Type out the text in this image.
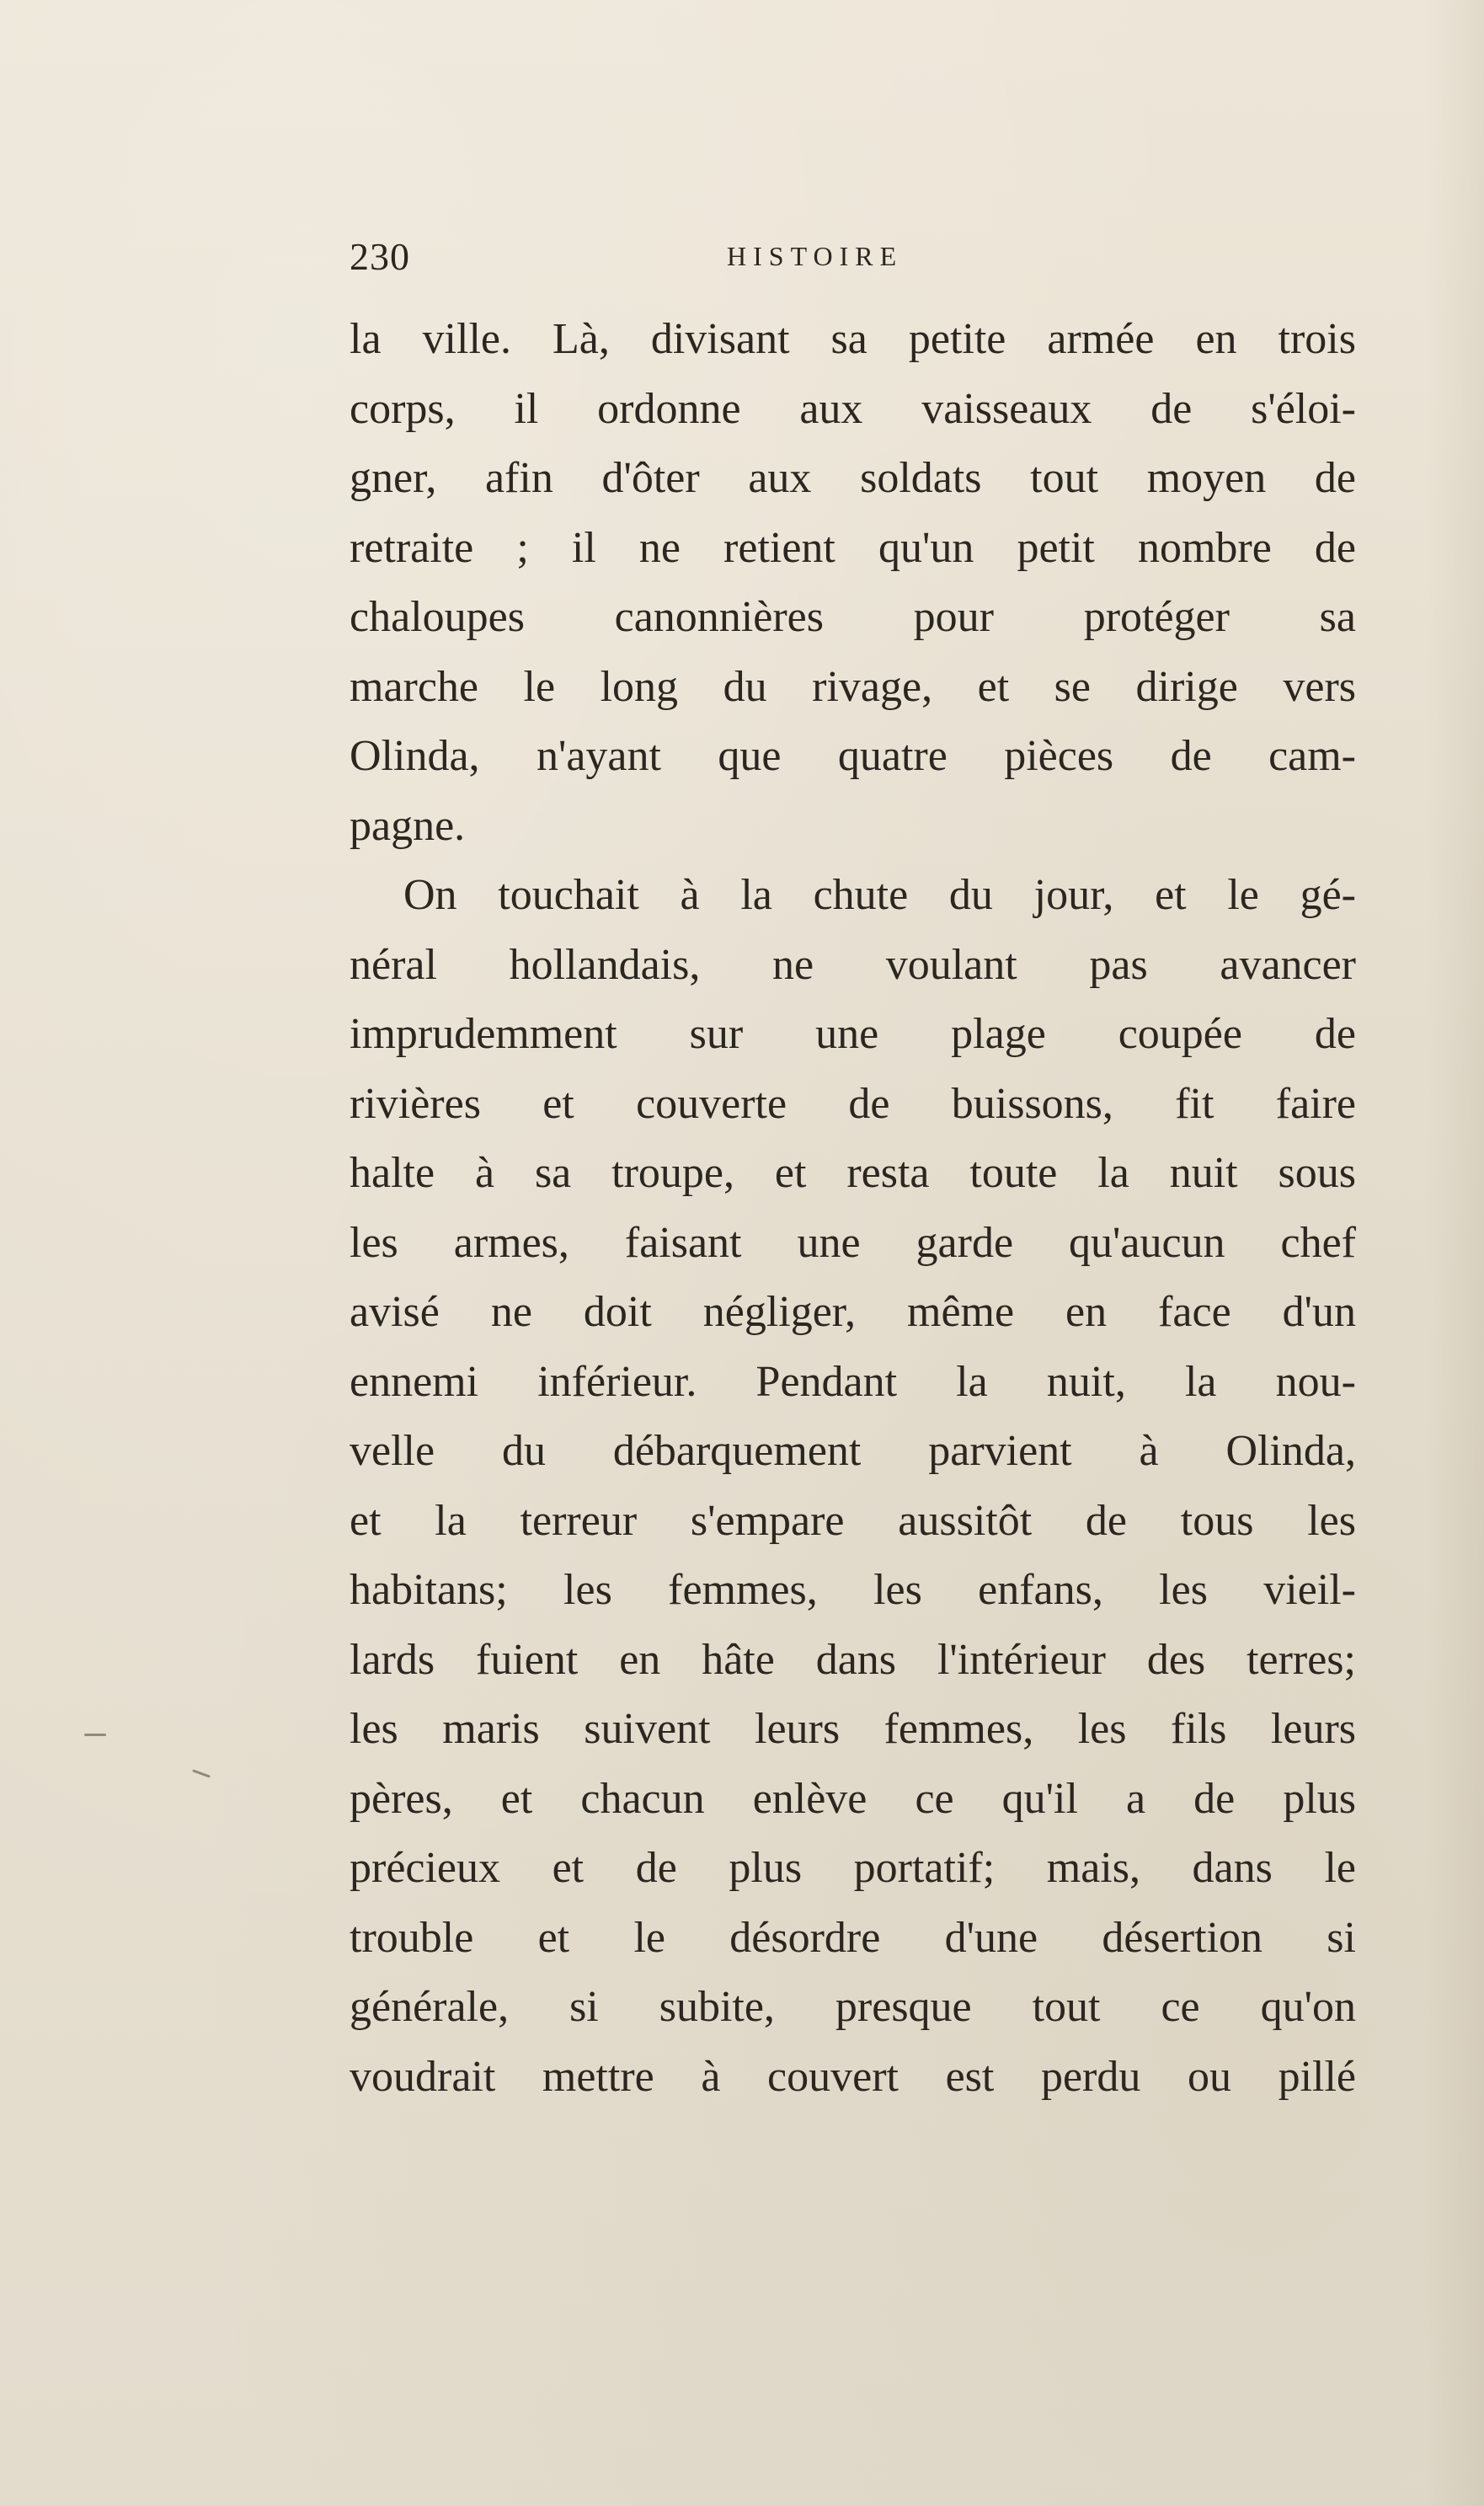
230	HISTOIRE
la ville. Là, divisant sa petite armée en trois
corps, il ordonne aux vaisseaux de s'éloi-
gner, afin d'ôter aux soldats tout moyen de
retraite ; il ne retient qu'un petit nombre de
chaloupes canonnières pour protéger sa
marche le long du rivage, et se dirige vers
Olinda, n'ayant que quatre pièces de cam-
pagne.
On touchait à la chute du jour, et le gé-
néral hollandais, ne voulant pas avancer
imprudemment sur une plage coupée de
rivières et couverte de buissons, fit faire
halte à sa troupe, et resta toute la nuit sous
les armes, faisant une garde qu'aucun chef
avisé ne doit négliger, même en face d'un
ennemi inférieur. Pendant la nuit, la nou-
velle du débarquement parvient à Olinda,
et la terreur s'empare aussitôt de tous les
habitans; les femmes, les enfans, les vieil-
lards fuient en hâte dans l'intérieur des terres;
les maris suivent leurs femmes, les fils leurs
pères, et chacun enlève ce qu'il a de plus
précieux et de plus portatif; mais, dans le
trouble et le désordre d'une désertion si
générale, si subite, presque tout ce qu'on
voudrait mettre à couvert est perdu ou pillé
